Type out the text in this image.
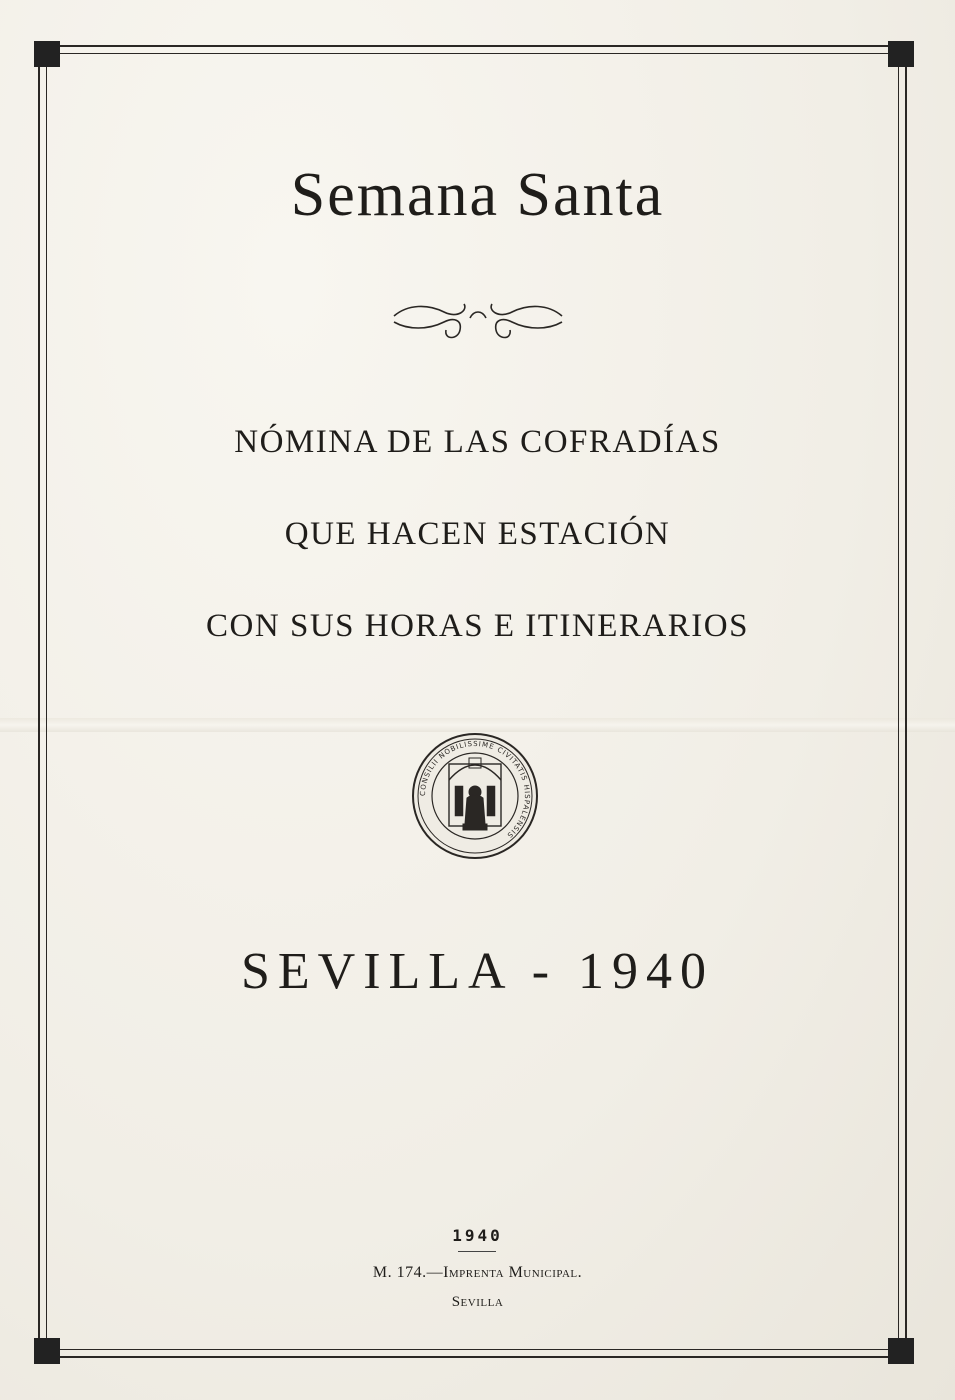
Semana Santa
NÓMINA DE LAS COFRADÍAS
QUE HACEN ESTACIÓN
CON SUS HORAS E ITINERARIOS
CONSILII NOBILISSIME CIVITATIS HISPALENSIS
SEVILLA - 1940
1940
M. 174.—Imprenta Municipal.
Sevilla
